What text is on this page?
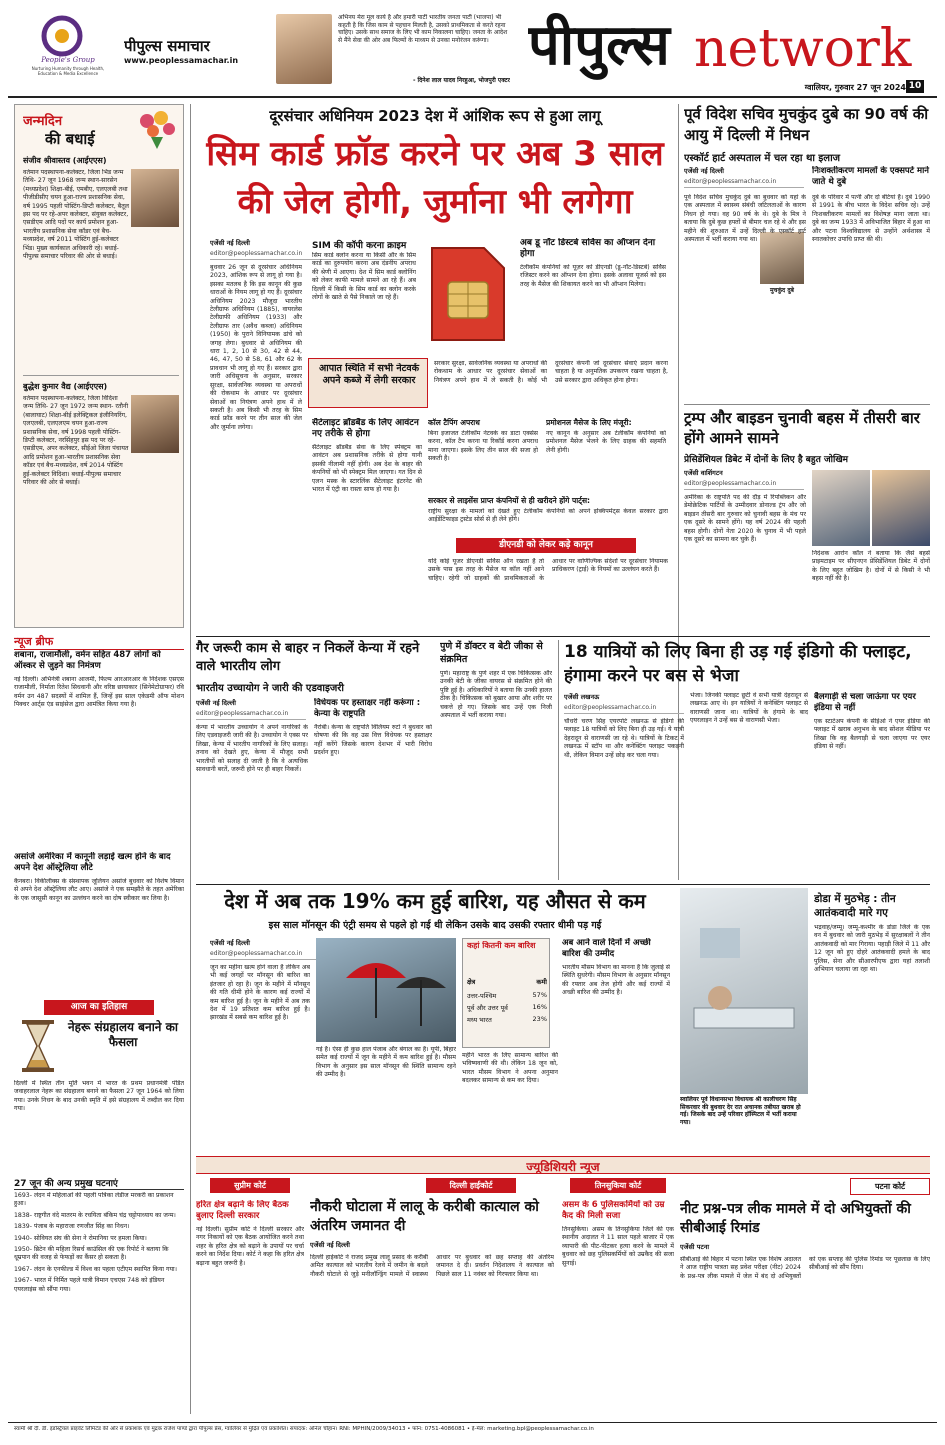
People's Group
Nurturing Humanity through Health, Education & Media Excellence
पीपुल्स समाचार
www.peoplessamachar.in
अभिनय मेरा मूल कार्य है और हमारी पार्टी भारतीय जनता पार्टी (भाजपा) भी कहती है कि जिस काम से पहचान मिलती है, उसको प्राथमिकता से करते रहना चाहिए। उसके साथ समाज के लिए भी काम निकालना चाहिए। जनता के आदेश से मैंने सेवा की ओर अब फिल्मों के माध्यम से उनका मनोरंजन करूंगा।
- दिनेश लाल यादव निरहुआ, भोजपुरी एक्टर
पीपुल्स network
ग्वालियर, गुरुवार 27 जून 2024 10
जन्मदिन
की बधाई
संजीव श्रीवास्तव (आईएएस)
वर्तमान पदस्थापना-कलेक्टर, जिला भिंड जन्म तिथि- 27 जून 1968 जन्म स्थान-सारसेन (मध्यप्रदेश) शिक्षा-बीई, एमबीए, एलएलबी तथा पीजीडीसीए चयन हुआ-राज्य प्रशासनिक सेवा, वर्ष 1995 पहली पोस्टिंग-डिप्टी कलेक्टर, बैतूल इस पद पर रहे-अपर कलेक्टर, संयुक्त कलेक्टर, एसडीएम आदि पदों पर कार्य प्रमोशन हुआ-भारतीय प्रशासनिक सेवा कॉडर एवं बैच-मध्यप्रदेश, वर्ष 2011 पोस्टिंग हुई-कलेक्टर भिंड। मुख्य कार्यकाल अधिकारी रहे। बधाई-पीपुल्स समाचार परिवार की ओर से बधाई।
बुद्धेश कुमार वैद्य (आईएएस)
वर्तमान पदस्थापना-कलेक्टर, जिला विदिशा जन्म तिथि- 27 जून 1972 जन्म स्थान- रतौनी (बालाघाट) शिक्षा-बीई इलेक्ट्रिकल इंजीनियरिंग, एलएलबी, एलएलएम चयन हुआ-राज्य प्रशासनिक सेवा, वर्ष 1998 पहली पोस्टिंग-डिप्टी कलेक्टर, नरसिंहपुर इस पद पर रहे- एसडीएम, अपर कलेक्टर, सीईओ जिला पंचायत आदि प्रमोशन हुआ-भारतीय प्रशासनिक सेवा कॉडर एवं बैच-मध्यप्रदेश, वर्ष 2014 पोस्टिंग हुई-कलेक्टर विदिशा। बधाई-पीपुल्स समाचार परिवार की ओर से बधाई।
न्यूज ब्रीफ
शबाना, राजामौली, वर्मन सहित 487 लोगों को ऑस्कर से जुड़ने का निमंत्रण
नई दिल्ली। अभिनेत्री शबाना आजमी, फिल्म आरआरआर के निर्देशक एसएस राजामौली, निर्माता रितेश सिधवानी और वरिष्ठ छायाकार (सिनेमेटोग्राफर) रवि वर्मन उन 487 सदस्यों में शामिल हैं, जिन्हें इस साल एकेडमी ऑफ मोशन पिक्चर आर्ट्स एंड साइंसेज द्वारा आमंत्रित किया गया है।
असांजे अमेरिका में कानूनी लड़ाई खत्म होने के बाद अपने देश ऑस्ट्रेलिया लौटे
कैनबरा। विकीलीक्स के संस्थापक जूलियन असांजे बुधवार को विशेष विमान से अपने देश ऑस्ट्रेलिया लौट आए। असांजे ने एक समझौते के तहत अमेरिका के एक जासूसी कानून का उल्लंघन करने का दोष स्वीकार कर लिया है।
आज का इतिहास
नेहरू संग्रहालय बनाने का फैसला
दिल्ली में स्थित तीन मूर्ति भवन में भारत के प्रथम प्रधानमंत्री पंडित जवाहरलाल नेहरू का संग्रहालय बनाने का फैसला 27 जून 1964 को लिया गया। उनके निधन के बाद उनकी स्मृति में इसे संग्रहालय में तब्दील कर दिया गया।
27 जून की अन्य प्रमुख घटनाएं
1693- लंदन में महिलाओं की पहली पत्रिका लेडीज मरकरी का प्रकाशन हुआ।
1838- राष्ट्रगीत वंदे मातरम के रचयिता बंकिम चंद्र चट्टोपाध्याय का जन्म।
1839- पंजाब के महाराजा रणजीत सिंह का निधन।
1940- सोवियत संघ की सेना ने रोमानिया पर हमला किया।
1950- ब्रिटेन की महिला रिसर्च काउंसिल की एक रिपोर्ट ने बताया कि धूम्रपान की वजह से फेफड़ों का कैंसर हो सकता है।
1967- लंदन के एनफील्ड में विश्व का पहला एटीएम स्थापित किया गया।
1967- भारत में निर्मित पहले यात्री विमान एचएस 748 को इंडियन एयरलाइंस को सौंपा गया।
दूरसंचार अधिनियम 2023 देश में आंशिक रूप से हुआ लागू
सिम कार्ड फ्रॉड करने पर अब 3 साल की जेल होगी, जुर्माना भी लगेगा
एजेंसी नई दिल्ली
editor@peoplessamachar.co.in
बुधवार 26 जून से दूरसंचार अधिनियम 2023, आंशिक रूप से लागू हो गया है। इसका मतलब है कि इस कानून की कुछ धाराओं के नियम लागू हो गए हैं। दूरसंचार अधिनियम 2023 मौजूदा भारतीय टेलीग्राफ अधिनियम (1885), वायरलेस टेलीग्राफी अधिनियम (1933) और टेलीग्राफ तार (अवैध कब्जा) अधिनियम (1950) के पुराने विनियामक ढांचे को जगह लेगा। बुधवार से अधिनियम की धारा 1, 2, 10 से 30, 42 से 44, 46, 47, 50 से 58, 61 और 62 के प्रावधान भी लागू हो गए हैं। सरकार द्वारा जारी अधिसूचना के अनुसार, सरकार सुरक्षा, सार्वजनिक व्यवस्था या अपराधों की रोकथाम के आधार पर दूरसंचार सेवाओं का नियंत्रण अपने हाथ में ले सकती है। अब किसी भी तरह के सिम कार्ड फ्रॉड करने पर तीन साल की जेल और जुर्माना लगेगा।
SIM की कॉपी करना क्राइम
सिम कार्ड क्लोन करना या किसी और के सिम कार्ड का दुरुपयोग करना अब दंडनीय अपराध की श्रेणी में आएगा। देश में सिम कार्ड क्लोनिंग को लेकर काफी मामले सामने आ रहे हैं। अब दिल्ली में किसी के सिम कार्ड का क्लोन करके लोगों के खाते से पैसे निकाले जा रहे हैं।
अब डू नॉट डिस्टर्ब सर्विस का ऑप्शन देना होगा
टेलीकॉम कंपनियों को यूज़र को डीएनडी (डू-नॉट-डिस्टर्ब) सर्विस रजिस्टर करने का ऑप्शन देना होगा। इसके अलावा यूजर्स को इस तरह के मैसेज की शिकायत करने का भी ऑप्शन मिलेगा।
आपात स्थिति में सभी नेटवर्क अपने कब्जे में लेगी सरकार
सरकार सुरक्षा, सार्वजनिक व्यवस्था या अपराधों की रोकथाम के आधार पर दूरसंचार सेवाओं का नियंत्रण अपने हाथ में ले सकती है। कोई भी दूरसंचार कंपनी जो दूरसंचार सेवाएं प्रदान करना चाहता है या अनुमतिक उपकरण रखना चाहता है, उसे सरकार द्वारा अधिकृत होना होगा।
सैटेलाइट ब्रॉडबैंड के लिए आवंटन नए तरीके से होगा
सैटेलाइट ब्रॉडबैंड सेवा के लिए स्पेक्ट्रम का आवंटन अब प्रशासनिक तरीके से होगा यानी इसकी नीलामी नहीं होगी। अब देश के बाहर की कंपनियों को भी स्पेक्ट्रम मिल जाएगा। गत दिन से एलन मस्क के स्टारलिंक सैटेलाइट इंटरनेट की भारत में एंट्री का रास्ता साफ हो गया है।
कॉल टैपिंग अपराध
बिना इजाजत टेलीकॉम नेटवर्क का डाटा एक्सेस करना, कॉल टैप करना या रिकॉर्ड करना अपराध माना जाएगा। इसके लिए तीन साल की सजा हो सकती है।
प्रमोशनल मैसेज के लिए मंजूरी:
नए कानून के अनुसार अब टेलीकॉम कंपनियों को प्रमोशनल मैसेज भेजने के लिए ग्राहक की सहमति लेनी होगी।
सरकार से लाइसेंस प्राप्त कंपनियों से ही खरीदने होंगे पार्ट्स:
राष्ट्रीय सुरक्षा के मामलों को देखते हुए टेलीकॉम कंपनियों को अपने इक्विपमेंट्स केवल सरकार द्वारा आईडेंटिफाइड ट्रस्टेड सोर्स से ही लेने होंगे।
डीएनडी को लेकर कड़े कानून
यदि कोई यूजर डीएनडी सर्विस ऑन रखता है तो उसके पास इस तरह के मैसेज या कॉल नहीं आने चाहिए। रहेगी जो ग्राहकों की प्राथमिकताओं के आधार पर वाणिज्यिक संदेशों पर दूरसंचार नियामक प्राधिकरण (ट्राई) के नियमों का उल्लंघन करते हैं।
पूर्व विदेश सचिव मुचकुंद दुबे का 90 वर्ष की आयु में दिल्ली में निधन
एस्कॉर्ट हार्ट अस्पताल में चल रहा था इलाज
एजेंसी नई दिल्ली
editor@peoplessamachar.co.in
मुचकुंद दुबे
पूर्व विदेश सचिव मुचकुंद दुबे का बुधवार को यहां के एक अस्पताल में स्वास्थ्य संबंधी जटिलताओं के कारण निधन हो गया। वह 90 वर्ष के थे। दुबे के मित्र ने बताया कि दुबे कुछ हफ्तों से बीमार चल रहे थे और इस महीने की शुरुआत में उन्हें दिल्ली के एस्कॉर्ट हार्ट अस्पताल में भर्ती कराया गया था।
निःशक्तीकरण मामलों के एक्सपर्ट माने जाते थे दुबे
दुबे के परिवार में पत्नी और दो बेटियां हैं। दुबे 1990 से 1991 के बीच भारत के विदेश सचिव रहे। उन्हें निःशक्तीकरण मामलों का विशेषज्ञ माना जाता था। दुबे का जन्म 1933 में अविभाजित बिहार में हुआ था और पटना विश्वविद्यालय से उन्होंने अर्थशास्त्र में स्नातकोत्तर उपाधि प्राप्त की थी।
ट्रम्प और बाइडन चुनावी बहस में तीसरी बार होंगे आमने सामने
प्रेसिडेंशियल डिबेट में दोनों के लिए है बहुत जोखिम
एजेंसी वाशिंगटन
editor@peoplessamachar.co.in
अमेरिका के राष्ट्रपति पद की दौड़ में रिपब्लिकन और डेमोक्रेटिक पार्टियों के उम्मीदवार डोनाल्ड ट्रंप और जो बाइडन तीसरी बार गुरुवार को चुनावी बहस के मंच पर एक दूसरे के सामने होंगे। यह वर्ष 2024 की पहली बहस होगी। दोनों नेता 2020 के चुनाव में भी पहले एक दूसरे का सामना कर चुके हैं।
निदेशक आरोन कॉल ने बताया कि जैसे बहसें प्राइमटाइम पर सीएनएन प्रेसिडेंशियल डिबेट में दोनों के लिए बहुत जोखिम है। दोनों में से किसी ने भी बहस नहीं की है।
गैर जरूरी काम से बाहर न निकलें केन्या में रहने वाले भारतीय लोग
भारतीय उच्चायोग ने जारी की एडवाइजरी
एजेंसी नई दिल्ली
editor@peoplessamachar.co.in
केन्या में भारतीय उच्चायोग ने अपने नागरिकों के लिए एडवाइजरी जारी की है। उच्चायोग ने एक्स पर लिखा, केन्या में भारतीय नागरिकों के लिए सलाह। तनाव को देखते हुए, केन्या में मौजूद सभी भारतीयों को सलाह दी जाती है कि वे अत्यधिक सावधानी बरतें, जरूरी होने पर ही बाहर निकलें।
विधेयक पर हस्ताक्षर नहीं करूंगा : केन्या के राष्ट्रपति
नैरोबी। केन्या के राष्ट्रपति विलियम रुटो ने बुधवार को घोषणा की कि वह उस वित्त विधेयक पर हस्ताक्षर नहीं करेंगे जिसके कारण देशभर में भारी विरोध प्रदर्शन हुए।
पुणे में डॉक्टर व बेटी जीका से संक्रमित
पुणे। महाराष्ट्र के पुणे शहर में एक चिकित्सक और उनकी बेटी के जीका वायरस से संक्रमित होने की पुष्टि हुई है। अधिकारियों ने बताया कि उनकी हालत ठीक है। चिकित्सक को बुखार आया और शरीर पर चकत्ते हो गए। जिसके बाद उन्हें एक निजी अस्पताल में भर्ती कराया गया।
18 यात्रियों को लिए बिना ही उड़ गई इंडिगो की फ्लाइट, हंगामा करने पर बस से भेजा
एजेंसी लखनऊ
editor@peoplessamachar.co.in
चौधरी चरण सिंह एयरपोर्ट लखनऊ से इंडिगो की फ्लाइट 18 यात्रियों को लिए बिना ही उड़ गई। ये यात्री देहरादून से वाराणसी जा रहे थे। यात्रियों के टिकट में लखनऊ में स्टॉप था और कनेक्टिंग फ्लाइट पकड़नी थी, लेकिन विमान उन्हें छोड़ कर चला गया।
भेजा। जिनकी फ्लाइट छूटी वे सभी यात्री देहरादून से लखनऊ आए थे। इन यात्रियों ने कनेक्टिंग फ्लाइट से वाराणसी जाना था। यात्रियों के हंगामे के बाद एयरलाइन ने उन्हें बस से वाराणसी भेजा।
बैलगाड़ी से चला जाऊंगा पर एयर इंडिया से नहीं
एक स्टार्टअप कंपनी के सीईओ ने एयर इंडिया की फ्लाइट में खराब अनुभव के बाद सोशल मीडिया पर लिखा कि वह बैलगाड़ी से चला जाएगा पर एयर इंडिया से नहीं।
देश में अब तक 19% कम हुई बारिश, यह औसत से कम
इस साल मॉनसून की एंट्री समय से पहले हो गई थी लेकिन उसके बाद उसकी रफ्तार धीमी पड़ गई
एजेंसी नई दिल्ली
editor@peoplessamachar.co.in
जून का महीना खत्म होने वाला है लेकिन अब भी कई जगहों पर मॉनसून की बारिश का इंतजार हो रहा है। जून के महीने में मॉनसून की गति धीमी होने के कारण कई राज्यों में कम बारिश हुई है। जून के महीने में अब तक देश में 19 प्रतिशत कम बारिश हुई है। झारखंड में सबसे कम बारिश हुई है।
गई है। ऐसा ही कुछ हाल पंजाब और बंगाल का है। यूपी, बिहार समेत कई राज्यों में जून के महीने में कम बारिश हुई है। मौसम विभाग के अनुसार इस साल मॉनसून की स्थिति सामान्य रहने की उम्मीद है।
कहां कितनी कम बारिश
क्षेत्र	कमी
उत्तर-पश्चिम	57%
पूर्व और उत्तर पूर्व	16%
मध्य भारत	23%
महीने भारत के लिए सामान्य बारिश की भविष्यवाणी की थी। लेकिन 18 जून को, भारत मौसम विभाग ने अपना अनुमान बदलकर सामान्य से कम कर दिया।
अब आने वाले दिनों में अच्छी बारिश की उम्मीद
भारतीय मौसम विभाग का मानना है कि जुलाई से स्थिति सुधरेगी। मौसम विभाग के अनुसार मॉनसून की रफ्तार अब तेज होगी और कई राज्यों में अच्छी बारिश की उम्मीद है।
स्वालियर पूर्व विधानसभा विधायक श्री कालीचरण सिंह सिकरवार की बुधवार देर रात अचानक तबीयत खराब हो गई। जिसके बाद उन्हें परिवार हॉस्पिटल में भर्ती कराया गया।
डोडा में मुठभेड़ : तीन आतंकवादी मारे गए
भद्रवाह/जम्मू। जम्मू-कश्मीर के डोडा जिले के एक वन में बुधवार को जारी मुठभेड़ में सुरक्षाबलों ने तीन आतंकवादी को मार गिराया। पहाड़ी जिले में 11 और 12 जून को हुए दोहरे आतंकवादी हमले के बाद पुलिस, सेना और सीआरपीएफ द्वारा यहां तलाशी अभियान चलाया जा रहा था।
ज्यूडिशियरी न्यूज
सुप्रीम कोर्ट
हरित क्षेत्र बढ़ाने के लिए बैठक बुलाए दिल्ली सरकार
नई दिल्ली। सुप्रीम कोर्ट ने दिल्ली सरकार और नगर निकायों को एक बैठक आयोजित करने तथा शहर के हरित क्षेत्र को बढ़ाने के उपायों पर चर्चा करने का निर्देश दिया। कोर्ट ने कहा कि हरित क्षेत्र बढ़ाना बहुत जरूरी है।
दिल्ली हाईकोर्ट
नौकरी घोटाला में लालू के करीबी कात्याल को अंतरिम जमानत दी
एजेंसी नई दिल्ली
दिल्ली हाईकोर्ट ने राजद प्रमुख लालू प्रसाद के करीबी अमित कात्याल को भारतीय रेलवे में जमीन के बदले नौकरी घोटाले से जुड़े मनीलॉन्ड्रिंग मामले में स्वास्थ्य आधार पर बुधवार को छह सप्ताह की अंतरिम जमानत दे दी। प्रवर्तन निदेशालय ने कात्याल को पिछले साल 11 नवंबर को गिरफ्तार किया था।
तिनसुकिया कोर्ट
असम के 6 पुलिसकर्मियों को उम्र कैद की मिली सजा
तिनसुकिया। असम के तिनसुकिया जिले की एक स्थानीय अदालत ने 11 साल पहले बाजार में एक व्यापारी की पीट-पीटकर हत्या करने के मामले में बुधवार को छह पुलिसकर्मियों को उम्रकैद की सजा सुनाई।
पटना कोर्ट
नीट प्रश्न-पत्र लीक मामले में दो अभियुक्तों की सीबीआई रिमांड
एजेंसी पटना
सीबीआई की बिहार में पटना स्थित एक विशेष अदालत ने आज राष्ट्रीय पात्रता सह प्रवेश परीक्षा (नीट) 2024 के प्रश्न-पत्र लीक मामले में जेल में बंद दो अभियुक्तों को एक सप्ताह की पुलिस रिमांड पर पूछताछ के लिए सीबीआई को सौंप दिया।
स्वामी श्री दी. डी. इंडस्ट्रियल प्राइवेट लिमिटेड की ओर से प्रकाशक एवं मुद्रक राजेश पाण्डे द्वारा पीपुल्स प्रेस, ग्वालियर से मुद्रित एवं प्रकाशित। संपादक: अनिल चौहान। RNI: MPHIN/2009/34013 • फोन: 0751-4086081 • ई-मेल: marketing.bpl@peoplessamachar.co.in
